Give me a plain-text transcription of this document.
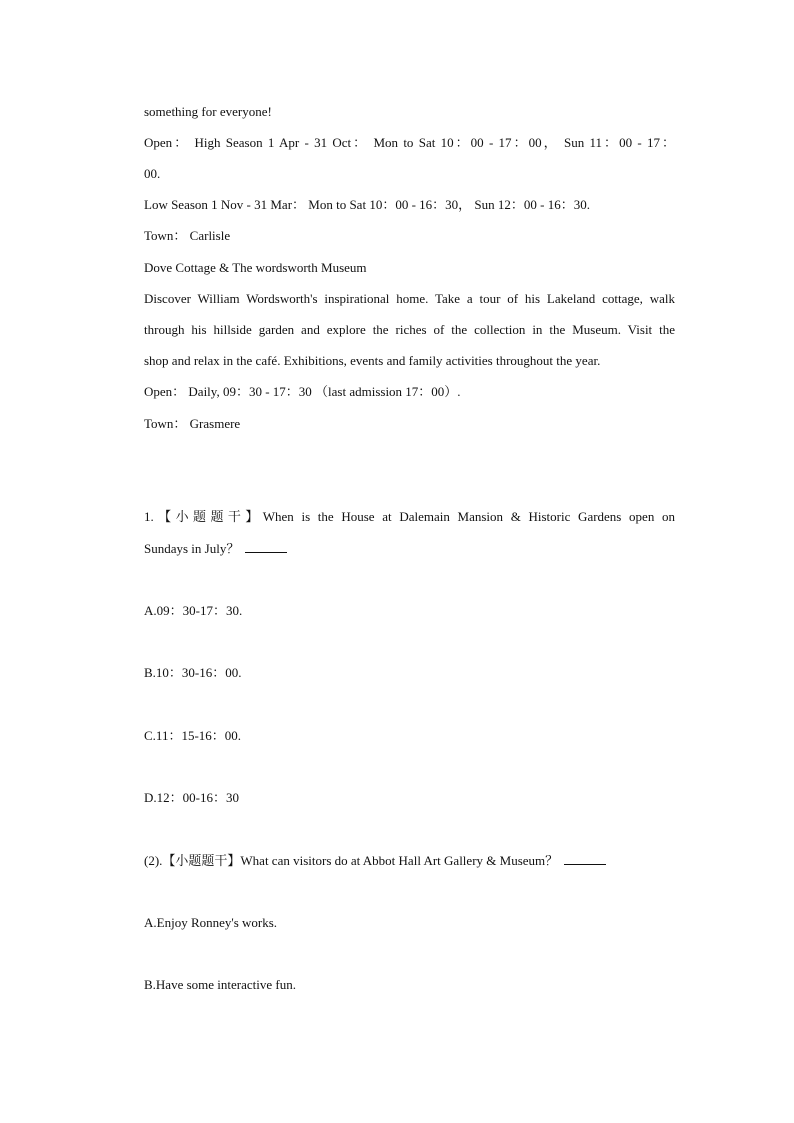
something for everyone!
Open： High Season 1 Apr - 31 Oct： Mon to Sat 10：00 - 17：00， Sun 11：00 - 17：
00.
Low Season 1 Nov - 31 Mar： Mon to Sat 10：00 - 16：30， Sun 12：00 - 16：30.
Town： Carlisle
Dove Cottage & The wordsworth Museum
Discover William Wordsworth's inspirational home. Take a tour of his Lakeland cottage, walk
through his hillside garden and explore the riches of the collection in the Museum. Visit the
shop and relax in the café. Exhibitions, events and family activities throughout the year.
Open： Daily, 09：30 - 17：30 （last admission 17：00）.
Town： Grasmere
1.【小题题干】When is the House at Dalemain Mansion & Historic Gardens open on
Sundays in July？
A.09：30-17：30.
B.10：30-16：00.
C.11：15-16：00.
D.12：00-16：30
(2).【小题题干】What can visitors do at Abbot Hall Art Gallery & Museum？
A.Enjoy Ronney's works.
B.Have some interactive fun.
